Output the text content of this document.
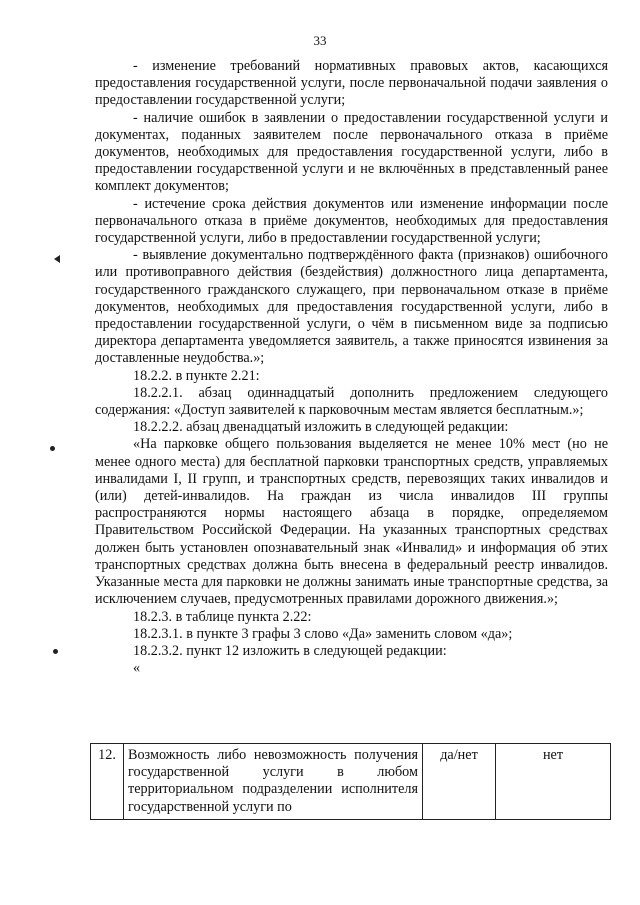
33

- изменение требований нормативных правовых актов, касающихся предоставления государственной услуги, после первоначальной подачи заявления о предоставлении государственной услуги;

- наличие ошибок в заявлении о предоставлении государственной услуги и документах, поданных заявителем после первоначального отказа в приёме документов, необходимых для предоставления государственной услуги, либо в предоставлении государственной услуги и не включённых в представленный ранее комплект документов;

- истечение срока действия документов или изменение информации после первоначального отказа в приёме документов, необходимых для предоставления государственной услуги, либо в предоставлении государственной услуги;

- выявление документально подтверждённого факта (признаков) ошибочного или противоправного действия (бездействия) должностного лица департамента, государственного гражданского служащего, при первоначальном отказе в приёме документов, необходимых для предоставления государственной услуги, либо в предоставлении государственной услуги, о чём в письменном виде за подписью директора департамента уведомляется заявитель, а также приносятся извинения за доставленные неудобства.»;

18.2.2. в пункте 2.21:

18.2.2.1. абзац одиннадцатый дополнить предложением следующего содержания: «Доступ заявителей к парковочным местам является бесплатным.»;

18.2.2.2. абзац двенадцатый изложить в следующей редакции:

«На парковке общего пользования выделяется не менее 10% мест (но не менее одного места) для бесплатной парковки транспортных средств, управляемых инвалидами I, II групп, и транспортных средств, перевозящих таких инвалидов и (или) детей-инвалидов. На граждан из числа инвалидов III группы распространяются нормы настоящего абзаца в порядке, определяемом Правительством Российской Федерации. На указанных транспортных средствах должен быть установлен опознавательный знак «Инвалид» и информация об этих транспортных средствах должна быть внесена в федеральный реестр инвалидов. Указанные места для парковки не должны занимать иные транспортные средства, за исключением случаев, предусмотренных правилами дорожного движения.»;

18.2.3. в таблице пункта 2.22:

18.2.3.1. в пункте 3 графы 3 слово «Да» заменить словом «да»;

18.2.3.2. пункт 12 изложить в следующей редакции:

«

12.	Возможность либо невозможность получения государственной услуги в любом территориальном подразделении исполнителя государственной услуги по	да/нет	нет
